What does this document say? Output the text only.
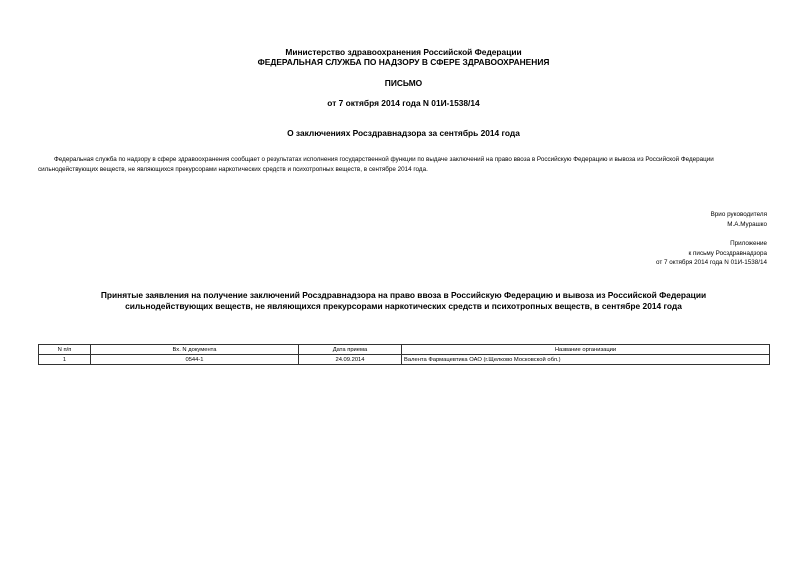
Министерство здравоохранения Российской Федерации
ФЕДЕРАЛЬНАЯ СЛУЖБА ПО НАДЗОРУ В СФЕРЕ ЗДРАВООХРАНЕНИЯ
ПИСЬМО
от 7 октября 2014 года N 01И-1538/14
О заключениях Росздравнадзора за сентябрь 2014 года
Федеральная служба по надзору в сфере здравоохранения сообщает о результатах исполнения государственной функции по выдаче заключений на право ввоза в Российскую Федерацию и вывоза из Российской Федерации сильнодействующих веществ, не являющихся прекурсорами наркотических средств и психотропных веществ, в сентябре 2014 года.
Врио руководителя
М.А.Мурашко
Приложение
к письму Росздравнадзора
от 7 октября 2014 года N 01И-1538/14
Принятые заявления на получение заключений Росздравнадзора на право ввоза в Российскую Федерацию и вывоза из Российской Федерации сильнодействующих веществ, не являющихся прекурсорами наркотических средств и психотропных веществ, в сентябре 2014 года
N п/п	Вх. N документа	Дата приема	Название организации
1	0544-1	24.09.2014	Валента Фармацевтика ОАО (г.Щелково Московской обл.)
